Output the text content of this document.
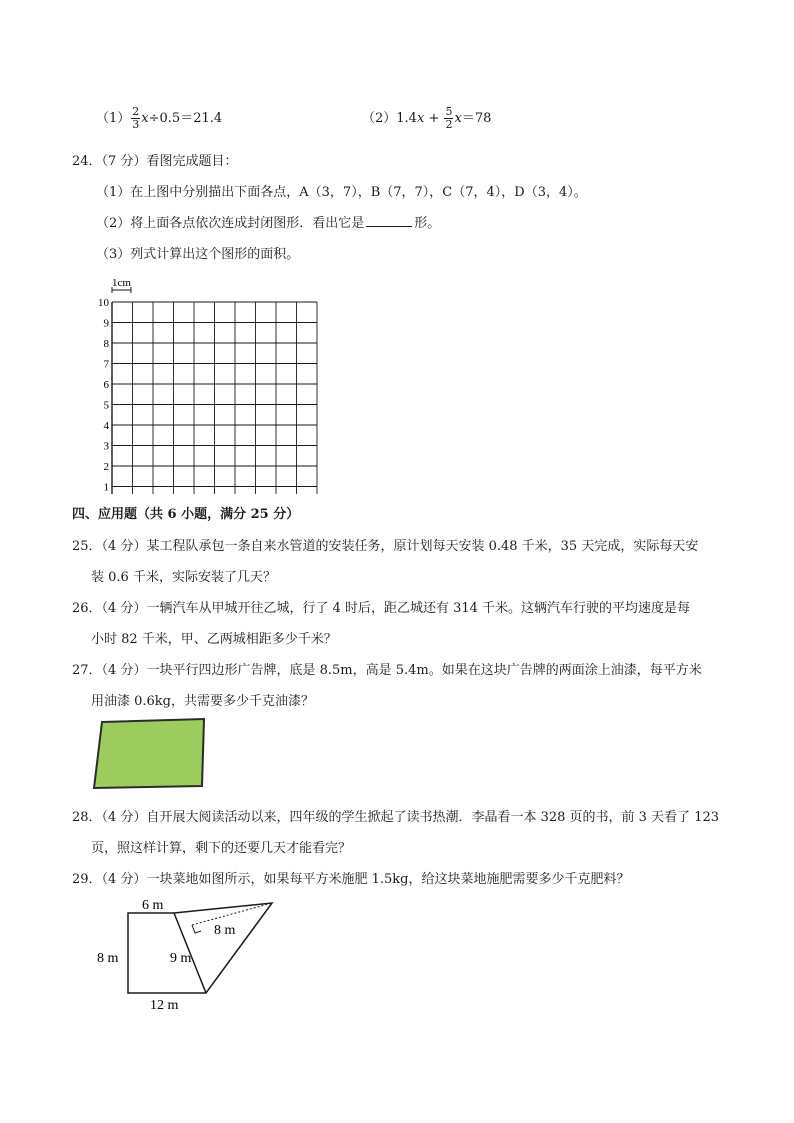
$(1) \frac{2}{3} x\div 0.5=21.4$	$(2)1.4x + \frac{5}{2} x=78$
24．（7 分）看图完成题目：
（1）在上图中分别描出下面各点，A（3，7），B（7，7），C（7，4），D（3，4）。
（2）将上面各点依次连成封闭图形．看出它是	形。
（3）列式计算出这个图形的面积。
1cm
1
2
3
4
5
6
7
8
9
10
四、应用题（共 6 小题，满分 25 分）
25．（4 分）某工程队承包一条自来水管道的安装任务，原计划每天安装 0.48 千米，35 天完成，实际每天安
装 0.6 千米，实际安装了几天？
26．（4 分）一辆汽车从甲城开往乙城，行了 4 时后，距乙城还有 314 千米。这辆汽车行驶的平均速度是每
小时 82 千米，甲、乙两城相距多少千米？
27．（4 分）一块平行四边形广告牌，底是 8.5m，高是 5.4m。如果在这块广告牌的两面涂上油漆，每平方米
用油漆 0.6kg，共需要多少千克油漆？
28．（4 分）自开展大阅读活动以来，四年级的学生掀起了读书热潮．李晶看一本 328 页的书，前 3 天看了 123
页，照这样计算，剩下的还要几天才能看完？
29．（4 分）一块菜地如图所示，如果每平方米施肥 1.5kg，给这块菜地施肥需要多少千克肥料？
6 m
8 m	9 m
8 m
12 m
